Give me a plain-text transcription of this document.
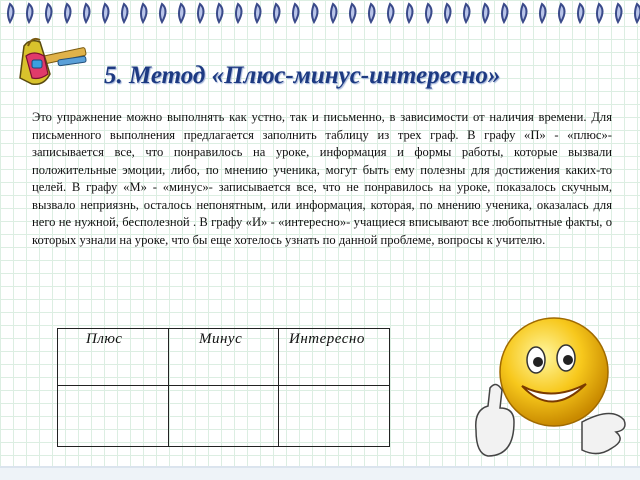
5. Метод «Плюс-минус-интересно»

Это упражнение можно выполнять как устно, так и письменно, в зависимости от наличия времени. Для письменного выполнения предлагается заполнить таблицу из трех граф. В графу «П» - «плюс»- записывается все, что понравилось на уроке, информация и формы работы, которые вызвали положительные эмоции, либо, по мнению ученика, могут быть ему полезны для достижения каких-то целей. В графу «М» - «минус»- записывается все, что не понравилось на уроке, показалось скучным, вызвало неприязнь, осталось непонятным, или информация, которая, по мнению ученика, оказалась для него не нужной, бесполезной . В графу «И» - «интересно»- учащиеся вписывают все любопытные факты, о которых узнали на уроке, что бы еще хотелось узнать по данной проблеме, вопросы к учителю.

Плюс	Минус	Интересно
